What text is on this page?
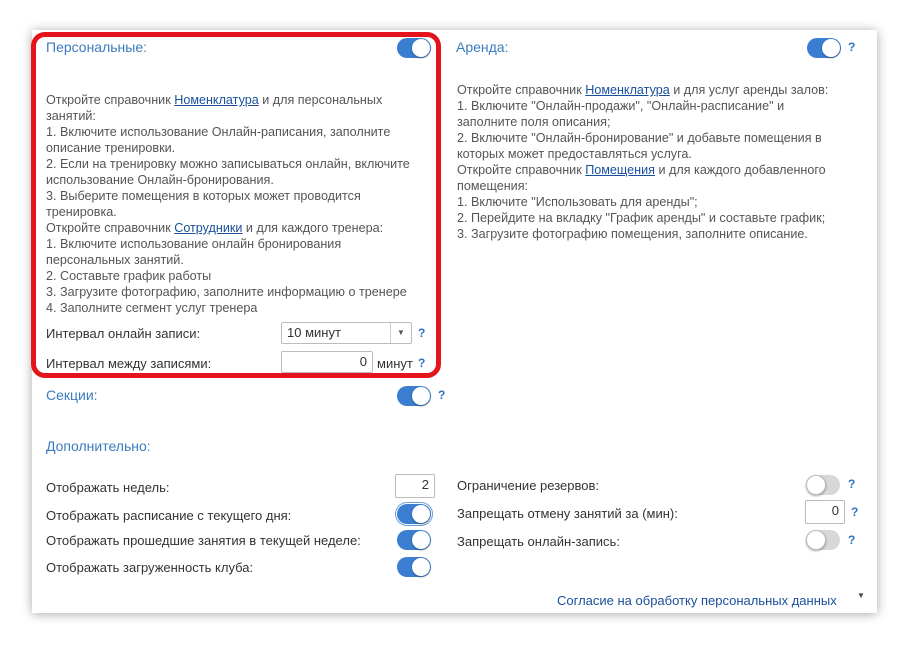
Персональные:
Откройте справочник Номенклатура и для персональных
занятий:
1. Включите использование Онлайн-раписания, заполните
описание тренировки.
2. Если на тренировку можно записываться онлайн, включите
использование Онлайн-бронирования.
3. Выберите помещения в которых может проводится
тренировка.
Откройте справочник Сотрудники и для каждого тренера:
1. Включите использование онлайн бронирования
персональных занятий.
2. Составьте график работы
3. Загрузите фотографию, заполните информацию о тренере
4. Заполните сегмент услуг тренера
Интервал онлайн записи:	10 минут	▼	?
Интервал между записями:	0 минут ?
Аренда:	?
Откройте справочник Номенклатура и для услуг аренды залов:
1. Включите "Онлайн-продажи", "Онлайн-расписание" и
заполните поля описания;
2. Включите "Онлайн-бронирование" и добавьте помещения в
которых может предоставляться услуга.
Откройте справочник Помещения и для каждого добавленного
помещения:
1. Включите "Использовать для аренды";
2. Перейдите на вкладку "График аренды" и составьте график;
3. Загрузите фотографию помещения, заполните описание.
Секции:	?
Дополнительно:
Отображать недель:	2
Отображать расписание с текущего дня:
Отображать прошедшие занятия в текущей неделе:
Отображать загруженность клуба:
Ограничение резервов:	?
Запрещать отмену занятий за (мин):	0	?
Запрещать онлайн-запись:	?
Согласие на обработку персональных данных	▼
